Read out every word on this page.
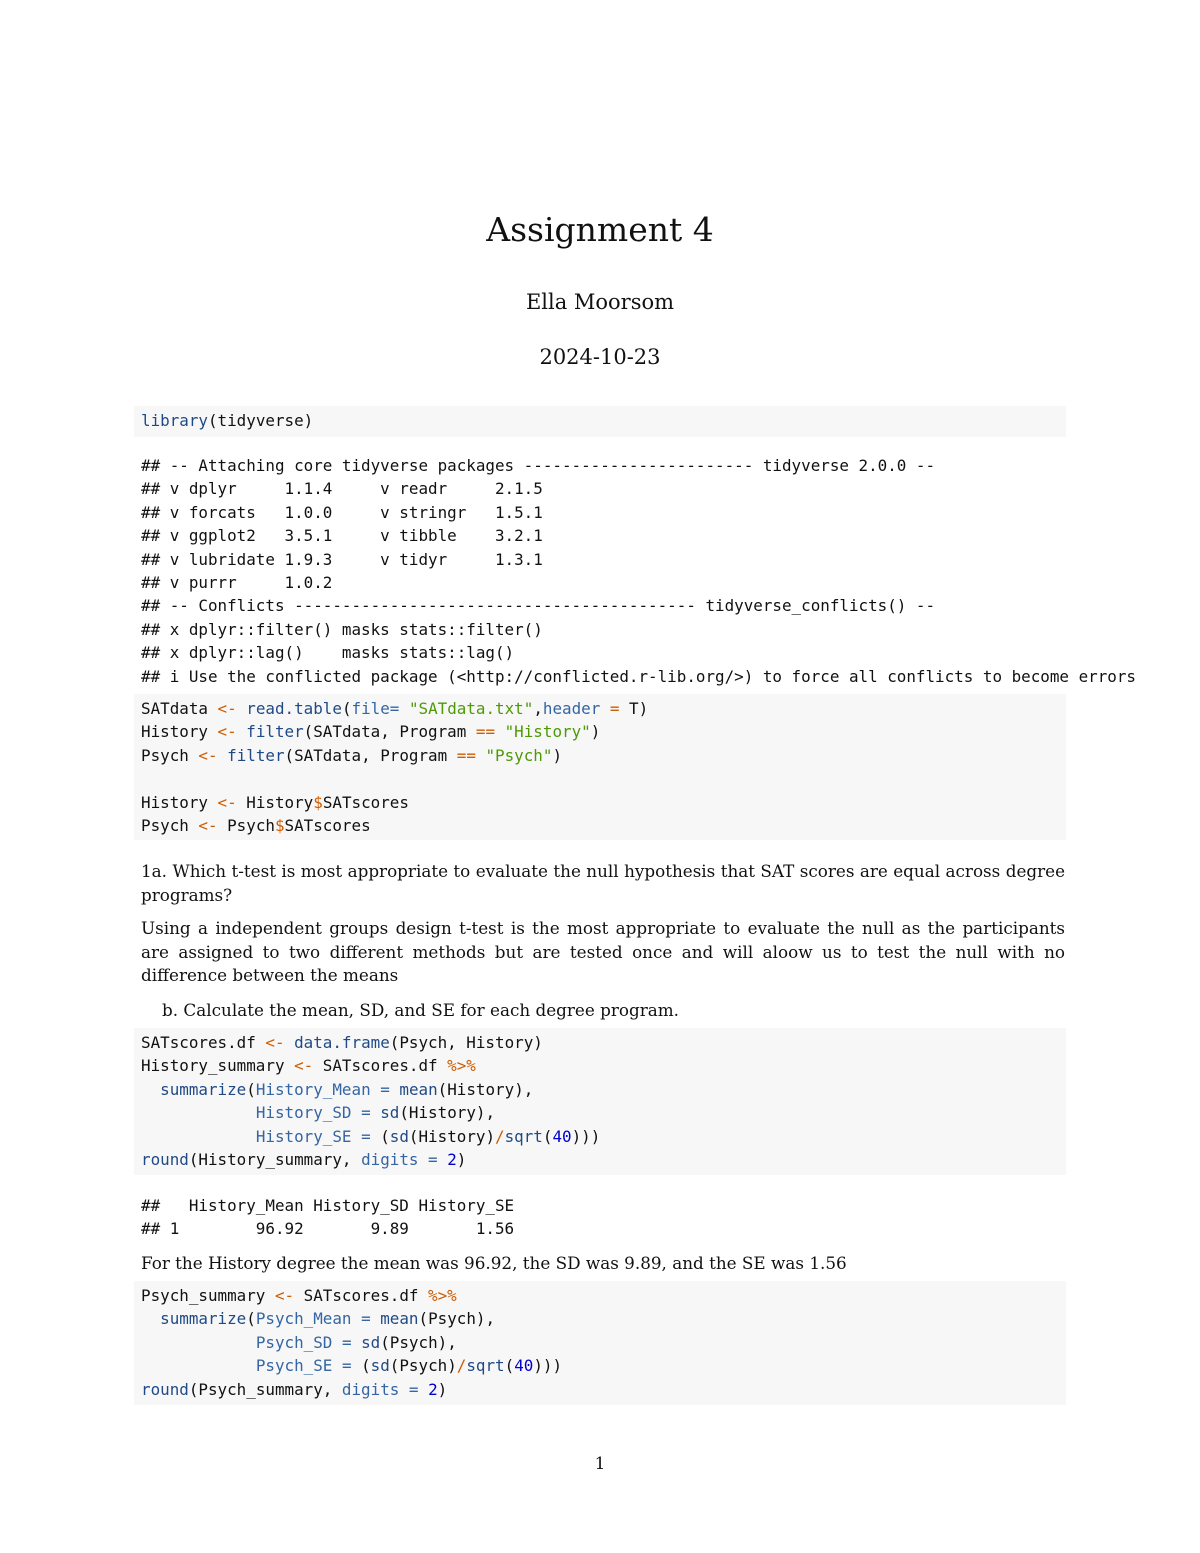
Assignment 4
Ella Moorsom
2024-10-23
library(tidyverse)
## -- Attaching core tidyverse packages ------------------------ tidyverse 2.0.0 --
## v dplyr     1.1.4     v readr     2.1.5
## v forcats   1.0.0     v stringr   1.5.1
## v ggplot2   3.5.1     v tibble    3.2.1
## v lubridate 1.9.3     v tidyr     1.3.1
## v purrr     1.0.2
## -- Conflicts ------------------------------------------ tidyverse_conflicts() --
## x dplyr::filter() masks stats::filter()
## x dplyr::lag()    masks stats::lag()
## i Use the conflicted package (<http://conflicted.r-lib.org/>) to force all conflicts to become errors
SATdata <- read.table(file= "SATdata.txt",header = T)
History <- filter(SATdata, Program == "History")
Psych <- filter(SATdata, Program == "Psych")

History <- History$SATscores
Psych <- Psych$SATscores

1a. Which t-test is most appropriate to evaluate the null hypothesis that SAT scores are equal across degree programs?

Using a independent groups design t-test is the most appropriate to evaluate the null as the participants are assigned to two different methods but are tested once and will aloow us to test the null with no difference between the means

b. Calculate the mean, SD, and SE for each degree program.

SATscores.df <- data.frame(Psych, History)
History_summary <- SATscores.df %>%
summarize(History_Mean = mean(History),
History_SD = sd(History),
History_SE = (sd(History)/sqrt(40)))
round(History_summary, digits = 2)
##   History_Mean History_SD History_SE
## 1        96.92       9.89       1.56

For the History degree the mean was 96.92, the SD was 9.89, and the SE was 1.56

Psych_summary <- SATscores.df %>%
summarize(Psych_Mean = mean(Psych),
Psych_SD = sd(Psych),
Psych_SE = (sd(Psych)/sqrt(40)))
round(Psych_summary, digits = 2)
1
